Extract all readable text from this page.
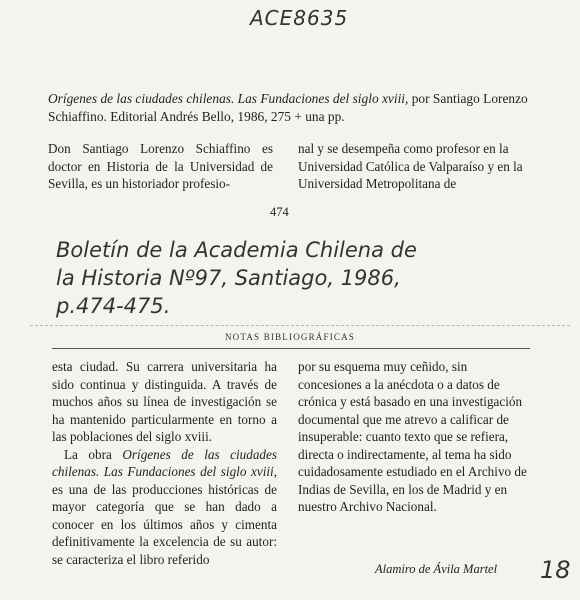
ACE8635
Orígenes de las ciudades chilenas. Las Fundaciones del siglo xviii, por Santiago Lorenzo Schiaffino. Editorial Andrés Bello, 1986, 275 + una pp.

Don Santiago Lorenzo Schiaffino es doctor en Historia de la Universidad de Sevilla, es un historiador profesio-

nal y se desempeña como profesor en la Universidad Católica de Valparaíso y en la Universidad Metropolitana de

474
Boletín de la Academia Chilena de
la Historia Nº97, Santiago, 1986,
p.474-475.
NOTAS BIBLIOGRÁFICAS

esta ciudad. Su carrera universitaria ha sido continua y distinguida. A través de muchos años su línea de investigación se ha mantenido particularmente en torno a las poblaciones del siglo xviii.

La obra Orígenes de las ciudades chilenas. Las Fundaciones del siglo xviii, es una de las producciones históricas de mayor categoría que se han dado a conocer en los últimos años y cimenta definitivamente la excelencia de su autor: se caracteriza el libro referido

por su esquema muy ceñido, sin concesiones a la anécdota o a datos de crónica y está basado en una investigación documental que me atrevo a calificar de insuperable: cuanto texto que se refiera, directa o indirectamente, al tema ha sido cuidadosamente estudiado en el Archivo de Indias de Sevilla, en los de Madrid y en nuestro Archivo Nacional.

Alamiro de Ávila Martel 18
